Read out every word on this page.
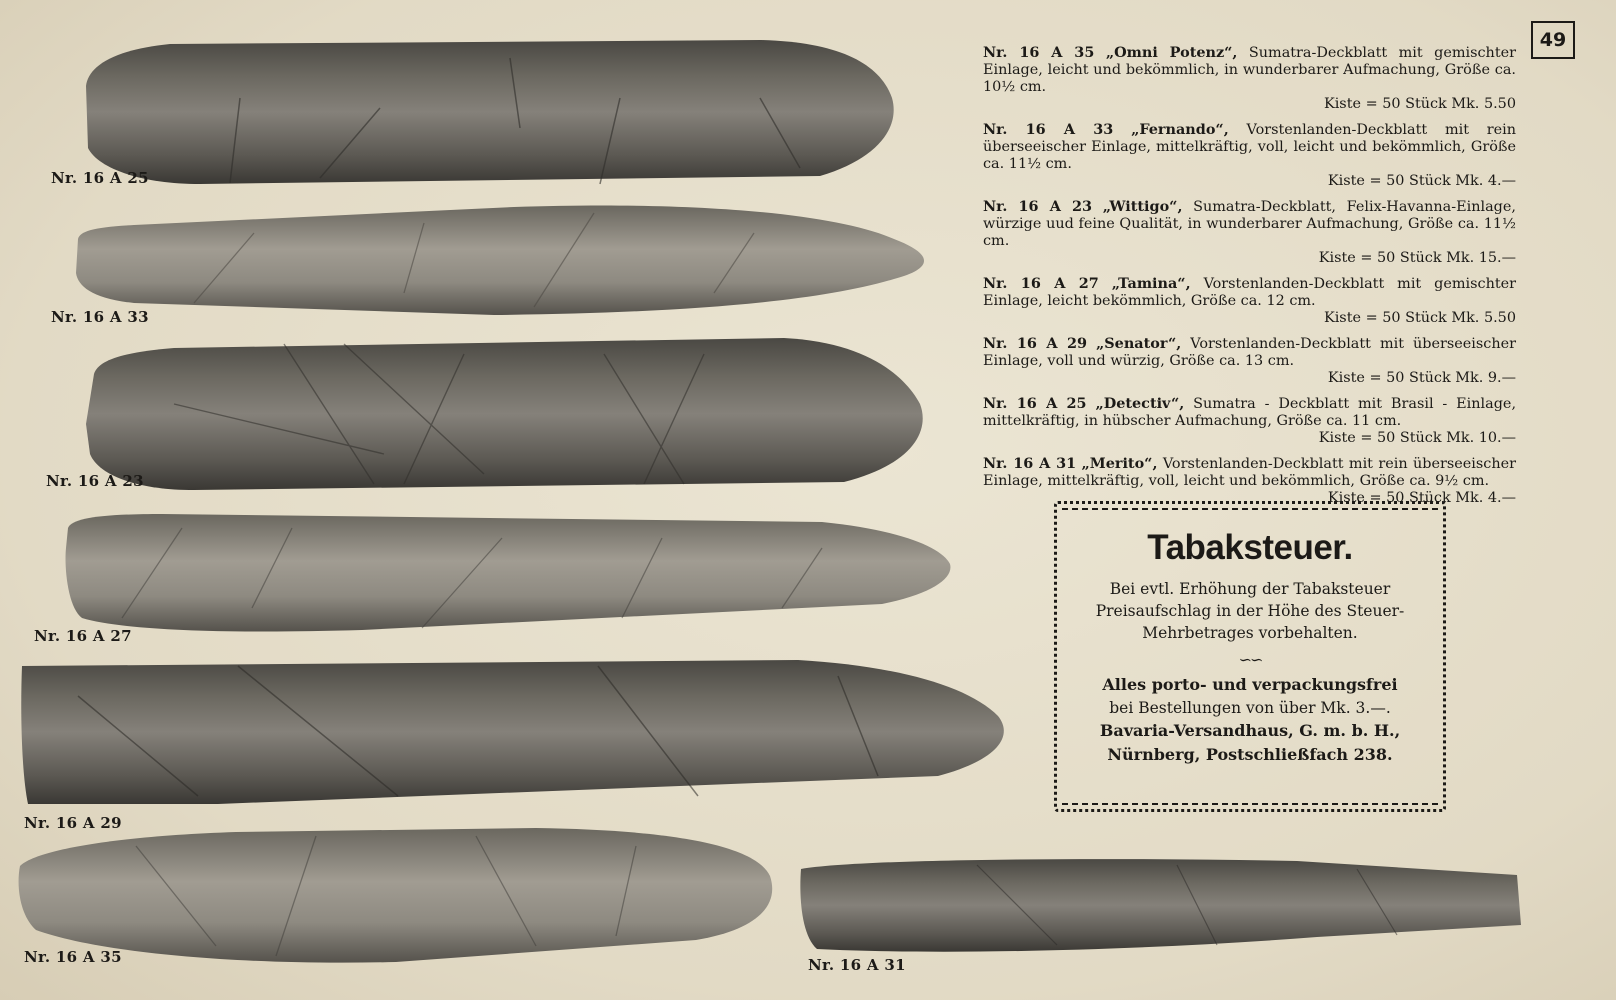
49
Nr. 16 A 25
Nr. 16 A 33
Nr. 16 A 23
Nr. 16 A 27
Nr. 16 A 29
Nr. 16 A 35	Nr. 16 A 31
Nr. 16 A 35 „Omni Potenz“, Sumatra-Deckblatt mit gemischter Einlage, leicht und bekömmlich, in wunderbarer Aufmachung, Größe ca. 10½ cm.
Kiste = 50 Stück Mk. 5.50
Nr. 16 A 33 „Fernando“, Vorstenlanden-Deckblatt mit rein überseeischer Einlage, mittelkräftig, voll, leicht und bekömmlich, Größe ca. 11½ cm.
Kiste = 50 Stück Mk. 4.—
Nr. 16 A 23 „Wittigo“, Sumatra-Deckblatt, Felix-Havanna-Einlage, würzige uud feine Qualität, in wunderbarer Aufmachung, Größe ca. 11½ cm.
Kiste = 50 Stück Mk. 15.—
Nr. 16 A 27 „Tamina“, Vorstenlanden-Deckblatt mit gemischter Einlage, leicht bekömmlich, Größe ca. 12 cm.
Kiste = 50 Stück Mk. 5.50
Nr. 16 A 29 „Senator“, Vorstenlanden-Deckblatt mit überseeischer Einlage, voll und würzig, Größe ca. 13 cm.
Kiste = 50 Stück Mk. 9.—
Nr. 16 A 25 „Detectiv“, Sumatra - Deckblatt mit Brasil - Einlage, mittelkräftig, in hübscher Aufmachung, Größe ca. 11 cm.
Kiste = 50 Stück Mk. 10.—
Nr. 16 A 31 „Merito“, Vorstenlanden-Deckblatt mit rein überseeischer Einlage, mittelkräftig, voll, leicht und bekömmlich, Größe ca. 9½ cm.
Kiste = 50 Stück Mk. 4.—
Tabaksteuer.
Bei evtl. Erhöhung der Tabaksteuer Preisaufschlag in der Höhe des Steuer-Mehrbetrages vorbehalten.
∽∽
Alles porto- und verpackungsfrei
bei Bestellungen von über Mk. 3.—.
Bavaria-Versandhaus, G. m. b. H.,
Nürnberg, Postschließfach 238.
